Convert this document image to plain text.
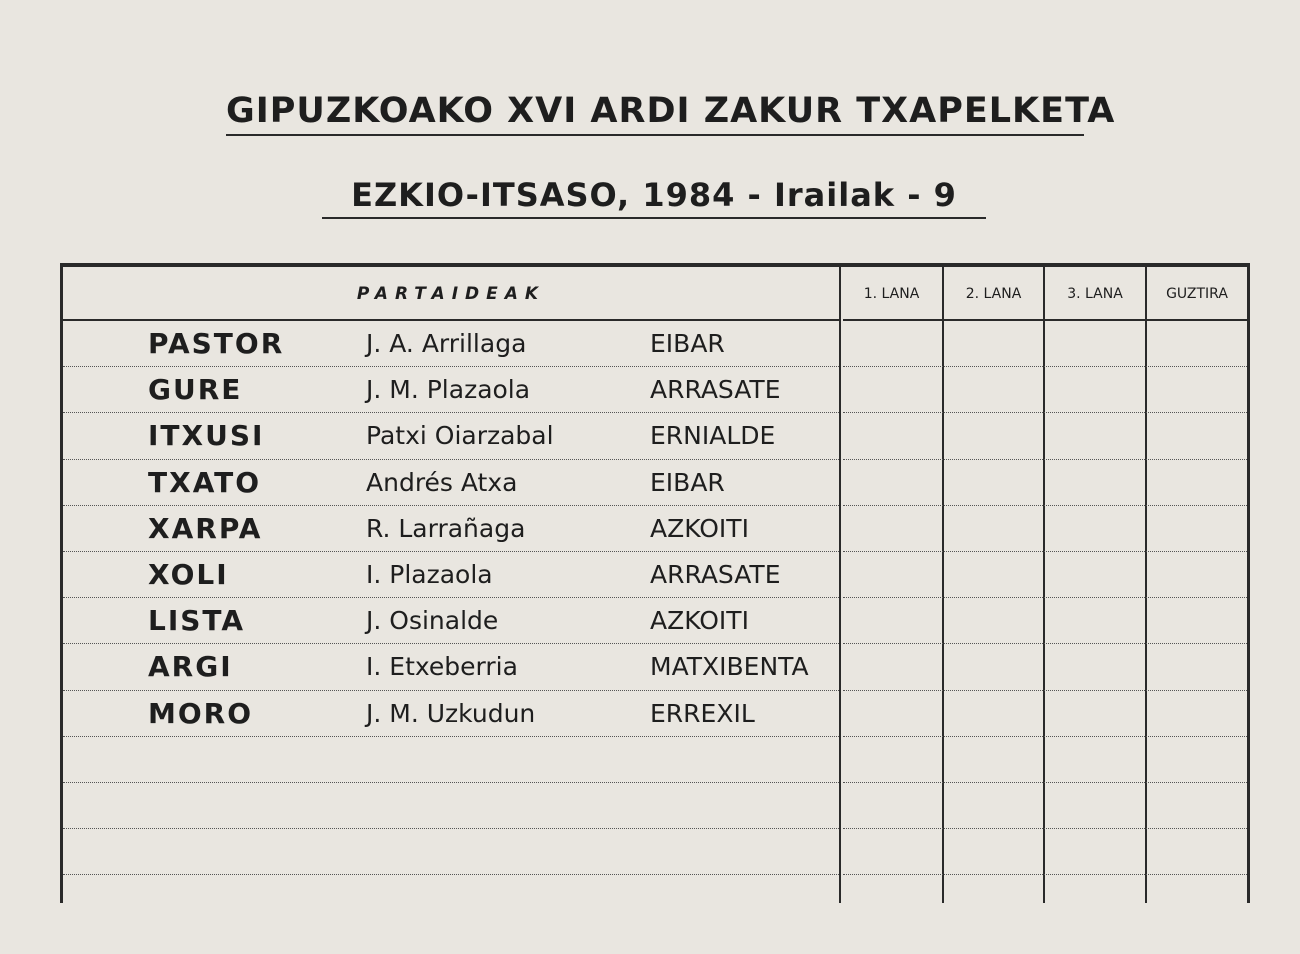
GIPUZKOAKO XVI ARDI ZAKUR TXAPELKETA
EZKIO-ITSASO, 1984 - Irailak - 9
PARTAIDEAK	1. LANA	2. LANA	3. LANA	GUZTIRA
PASTOR	J. A. Arrillaga	EIBAR
GURE	J. M. Plazaola	ARRASATE
ITXUSI	Patxi Oiarzabal	ERNIALDE
TXATO	Andrés Atxa	EIBAR
XARPA	R. Larrañaga	AZKOITI
XOLI	I. Plazaola	ARRASATE
LISTA	J. Osinalde	AZKOITI
ARGI	I. Etxeberria	MATXIBENTA
MORO	J. M. Uzkudun	ERREXIL
